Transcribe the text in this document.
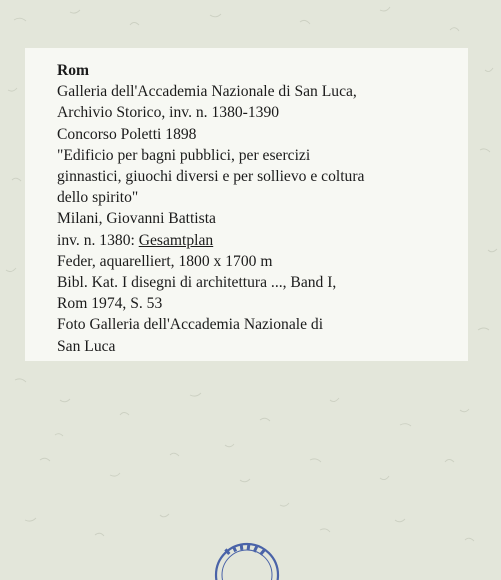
Rom
Galleria dell'Accademia Nazionale di San Luca,
Archivio Storico, inv. n. 1380-1390
Concorso Poletti 1898
"Edificio per bagni pubblici, per esercizi
ginnastici, giuochi diversi e per sollievo e coltura
dello spirito"
Milani, Giovanni Battista
inv. n. 1380: Gesamtplan
Feder, aquarelliert, 1800 x 1700 m
Bibl. Kat. I disegni di architettura ..., Band I,
Rom 1974, S. 53
Foto Galleria dell'Accademia Nazionale di
San Luca
